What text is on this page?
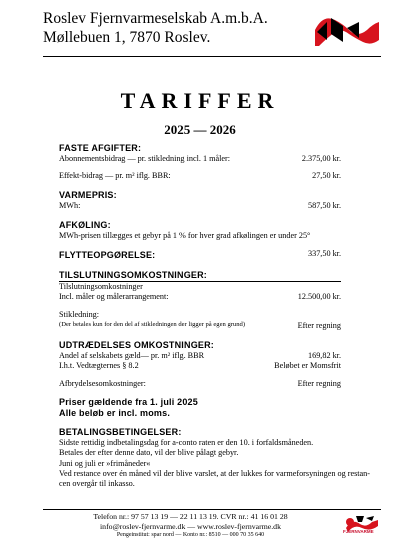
Roslev Fjernvarmeselskab A.m.b.A.
Møllebuen 1, 7870 Roslev.
TARIFFER
2025 — 2026
FASTE AFGIFTER:
Abonnementsbidrag — pr. stikledning incl. 1 måler:	2.375,00 kr.
Effekt-bidrag — pr. m² iflg. BBR:	27,50 kr.
VARMEPRIS:
MWh:	587,50 kr.
AFKØLING:
MWh-prisen tillægges et gebyr på 1 % for hver grad afkølingen er under 25°
FLYTTEOPGØRELSE:	337,50 kr.
TILSLUTNINGSOMKOSTNINGER:
Tilslutningsomkostninger
Incl. måler og målerarrangement:	12.500,00 kr.
Stikledning:
(Der betales kun for den del af stikledningen der ligger på egen grund)	Efter regning
UDTRÆDELSES OMKOSTNINGER:
Andel af selskabets gæld— pr. m² iflg. BBR	169,82 kr.
I.h.t. Vedtægternes § 8.2	Beløbet er Momsfrit
Afbrydelsesomkostninger:	Efter regning
Priser gældende fra 1. juli 2025
Alle beløb er incl. moms.
BETALINGSBETINGELSER:
Sidste rettidig indbetalingsdag for a-conto raten er den 10. i forfaldsmåneden.
Betales der efter denne dato, vil der blive pålagt gebyr.
Juni og juli er »frimåneder«
Ved restance over én måned vil der blive varslet, at der lukkes for varmeforsyningen og restan-
cen overgår til inkasso.
Telefon nr.: 97 57 13 19 — 22 11 13 19. CVR nr.: 41 16 01 28
info@roslev-fjernvarme.dk — www.roslev-fjernvarme.dk
Pengeinstitut: spar nord — Konto nr.: 8510 — 000 70 35 640
FJERNVARME
